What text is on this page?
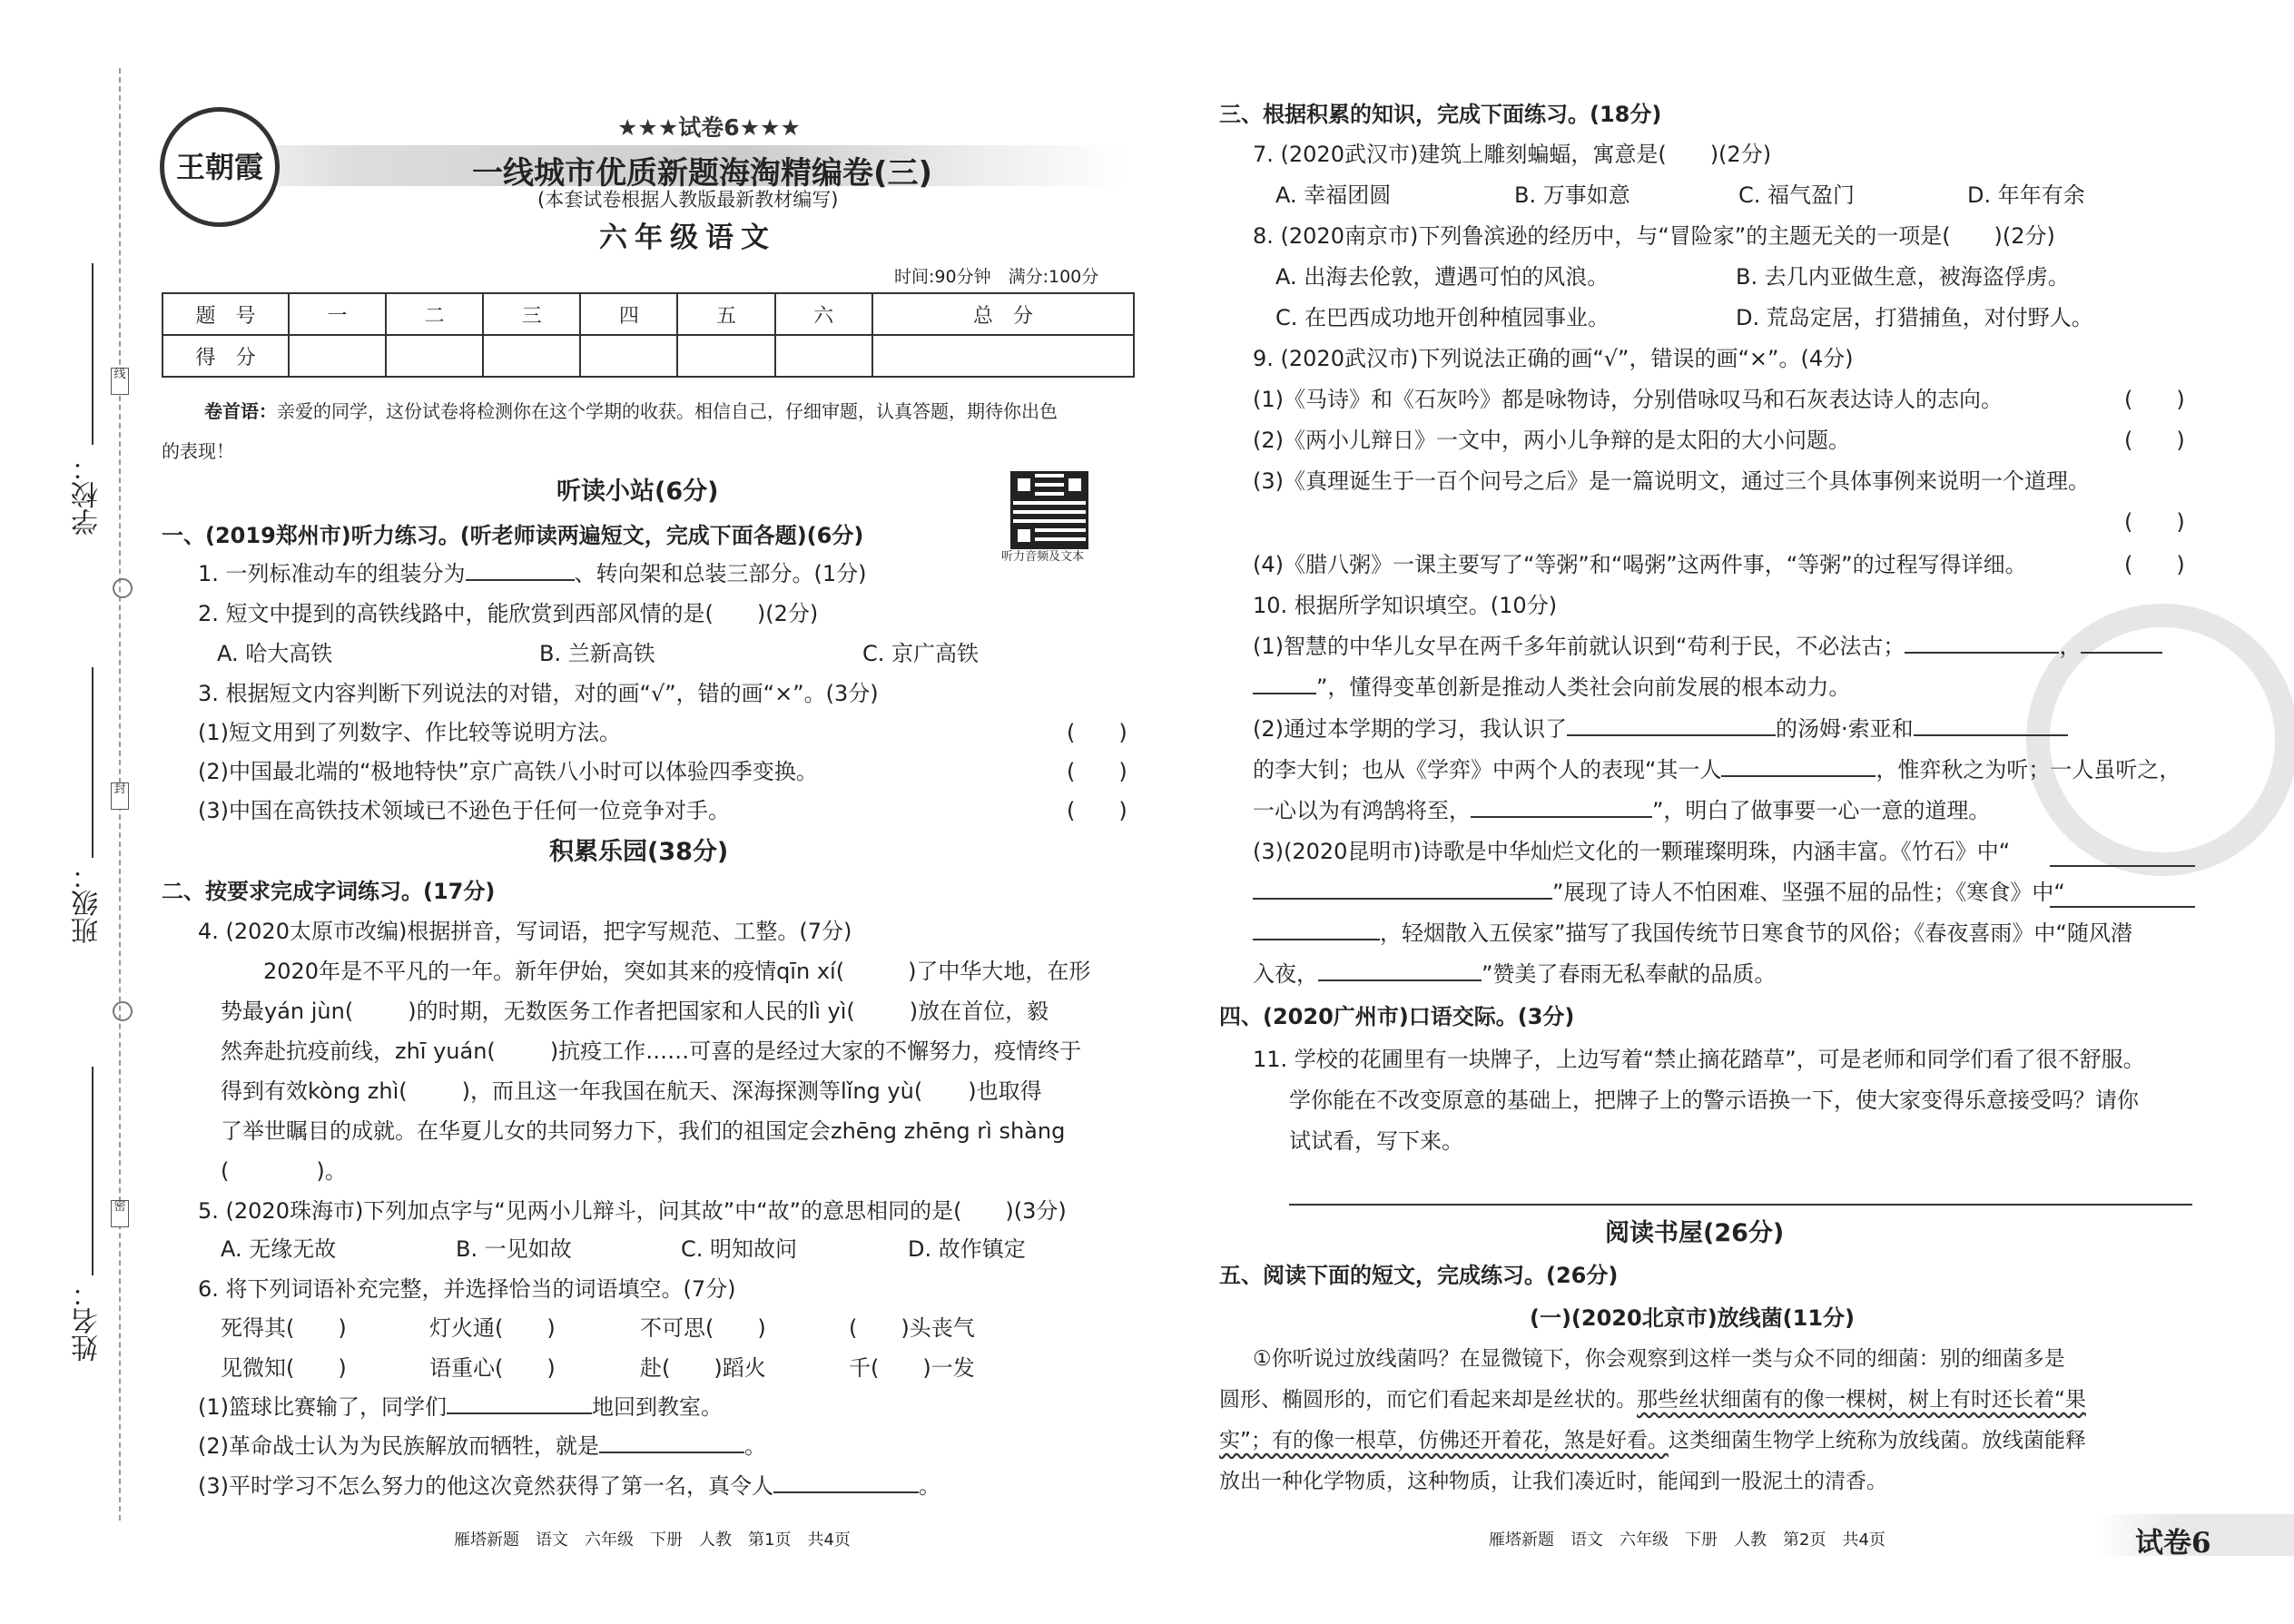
学校：
班级：
姓名：
线
封
密
王朝霞
★★★试卷6★★★
一线城市优质新题海淘精编卷(三)
(本套试卷根据人教版最新教材编写)
六年级语文
时间:90分钟　满分:100分
题　号	一	二	三	四	五	六	总　分
得　分							
卷首语：亲爱的同学，这份试卷将检测你在这个学期的收获。相信自己，仔细审题，认真答题，期待你出色
的表现！
听力音频及文本
听读小站(6分)
一、(2019郑州市)听力练习。(听老师读两遍短文，完成下面各题)(6分)
1. 一列标准动车的组装分为	、转向架和总装三部分。(1分)
2. 短文中提到的高铁线路中，能欣赏到西部风情的是(　　)(2分)
A. 哈大高铁	B. 兰新高铁	C. 京广高铁
3. 根据短文内容判断下列说法的对错，对的画“√”，错的画“×”。(3分)
(1)短文用到了列数字、作比较等说明方法。	(　　)
(2)中国最北端的“极地特快”京广高铁八小时可以体验四季变换。	(　　)
(3)中国在高铁技术领域已不逊色于任何一位竞争对手。	(　　)
积累乐园(38分)
二、按要求完成字词练习。(17分)
4. (2020太原市改编)根据拼音，写词语，把字写规范、工整。(7分)
2020年是不平凡的一年。新年伊始，突如其来的疫情qīn xí(	)了中华大地，在形
势最yán jùn(	)的时期，无数医务工作者把国家和人民的lì yì(	)放在首位，毅
然奔赴抗疫前线，zhī yuán(	)抗疫工作……可喜的是经过大家的不懈努力，疫情终于
得到有效kòng zhì(	)，而且这一年我国在航天、深海探测等lǐng yù( )也取得
了举世瞩目的成就。在华夏儿女的共同努力下，我们的祖国定会zhēng zhēng rì shàng
(　　　　)。
5. (2020珠海市)下列加点字与“见两小儿辩斗，问其故”中“故”的意思相同的是(　　)(3分)
A. 无缘无故	B. 一见如故	C. 明知故问	D. 故作镇定
6. 将下列词语补充完整，并选择恰当的词语填空。(7分)
死得其(　　)	灯火通(　　)	不可思(　　)	(　　)头丧气
见微知(　　)	语重心(　　)	赴(　　)蹈火	千(　　)一发
(1)篮球比赛输了，同学们	地回到教室。
(2)革命战士认为为民族解放而牺牲，就是	。
(3)平时学习不怎么努力的他这次竟然获得了第一名，真令人	。
雁塔新题　语文　六年级　下册　人教　第1页　共4页
三、根据积累的知识，完成下面练习。(18分)
7. (2020武汉市)建筑上雕刻蝙蝠，寓意是(　　)(2分)
A. 幸福团圆	B. 万事如意	C. 福气盈门	D. 年年有余
8. (2020南京市)下列鲁滨逊的经历中，与“冒险家”的主题无关的一项是(　　)(2分)
A. 出海去伦敦，遭遇可怕的风浪。	B. 去几内亚做生意，被海盗俘虏。
C. 在巴西成功地开创种植园事业。	D. 荒岛定居，打猎捕鱼，对付野人。
9. (2020武汉市)下列说法正确的画“√”，错误的画“×”。(4分)
(1)《马诗》和《石灰吟》都是咏物诗，分别借咏叹马和石灰表达诗人的志向。	(　　)
(2)《两小儿辩日》一文中，两小儿争辩的是太阳的大小问题。	(　　)
(3)《真理诞生于一百个问号之后》是一篇说明文，通过三个具体事例来说明一个道理。
(　　)
(4)《腊八粥》一课主要写了“等粥”和“喝粥”这两件事，“等粥”的过程写得详细。	(　　)
10. 根据所学知识填空。(10分)
(1)智慧的中华儿女早在两千多年前就认识到“苟利于民，不必法古；	，
”，懂得变革创新是推动人类社会向前发展的根本动力。
(2)通过本学期的学习，我认识了	的汤姆·索亚和
的李大钊；也从《学弈》中两个人的表现“其一人	，惟弈秋之为听；一人虽听之，
一心以为有鸿鹄将至，	”，明白了做事要一心一意的道理。
(3)(2020昆明市)诗歌是中华灿烂文化的一颗璀璨明珠，内涵丰富。《竹石》中“
”展现了诗人不怕困难、坚强不屈的品性；《寒食》中“
，轻烟散入五侯家”描写了我国传统节日寒食节的风俗；《春夜喜雨》中“随风潜
入夜，	”赞美了春雨无私奉献的品质。
四、(2020广州市)口语交际。(3分)
11. 学校的花圃里有一块牌子，上边写着“禁止摘花踏草”，可是老师和同学们看了很不舒服。
学你能在不改变原意的基础上，把牌子上的警示语换一下，使大家变得乐意接受吗？请你
试试看，写下来。
阅读书屋(26分)
五、阅读下面的短文，完成练习。(26分)
(一)(2020北京市)放线菌(11分)
①你听说过放线菌吗？在显微镜下，你会观察到这样一类与众不同的细菌：别的细菌多是
圆形、椭圆形的，而它们看起来却是丝状的。那些丝状细菌有的像一棵树，树上有时还长着“果
实”；有的像一根草，仿佛还开着花，煞是好看。这类细菌生物学上统称为放线菌。放线菌能释
放出一种化学物质，这种物质，让我们凑近时，能闻到一股泥土的清香。
雁塔新题　语文　六年级　下册　人教　第2页　共4页	试卷6
